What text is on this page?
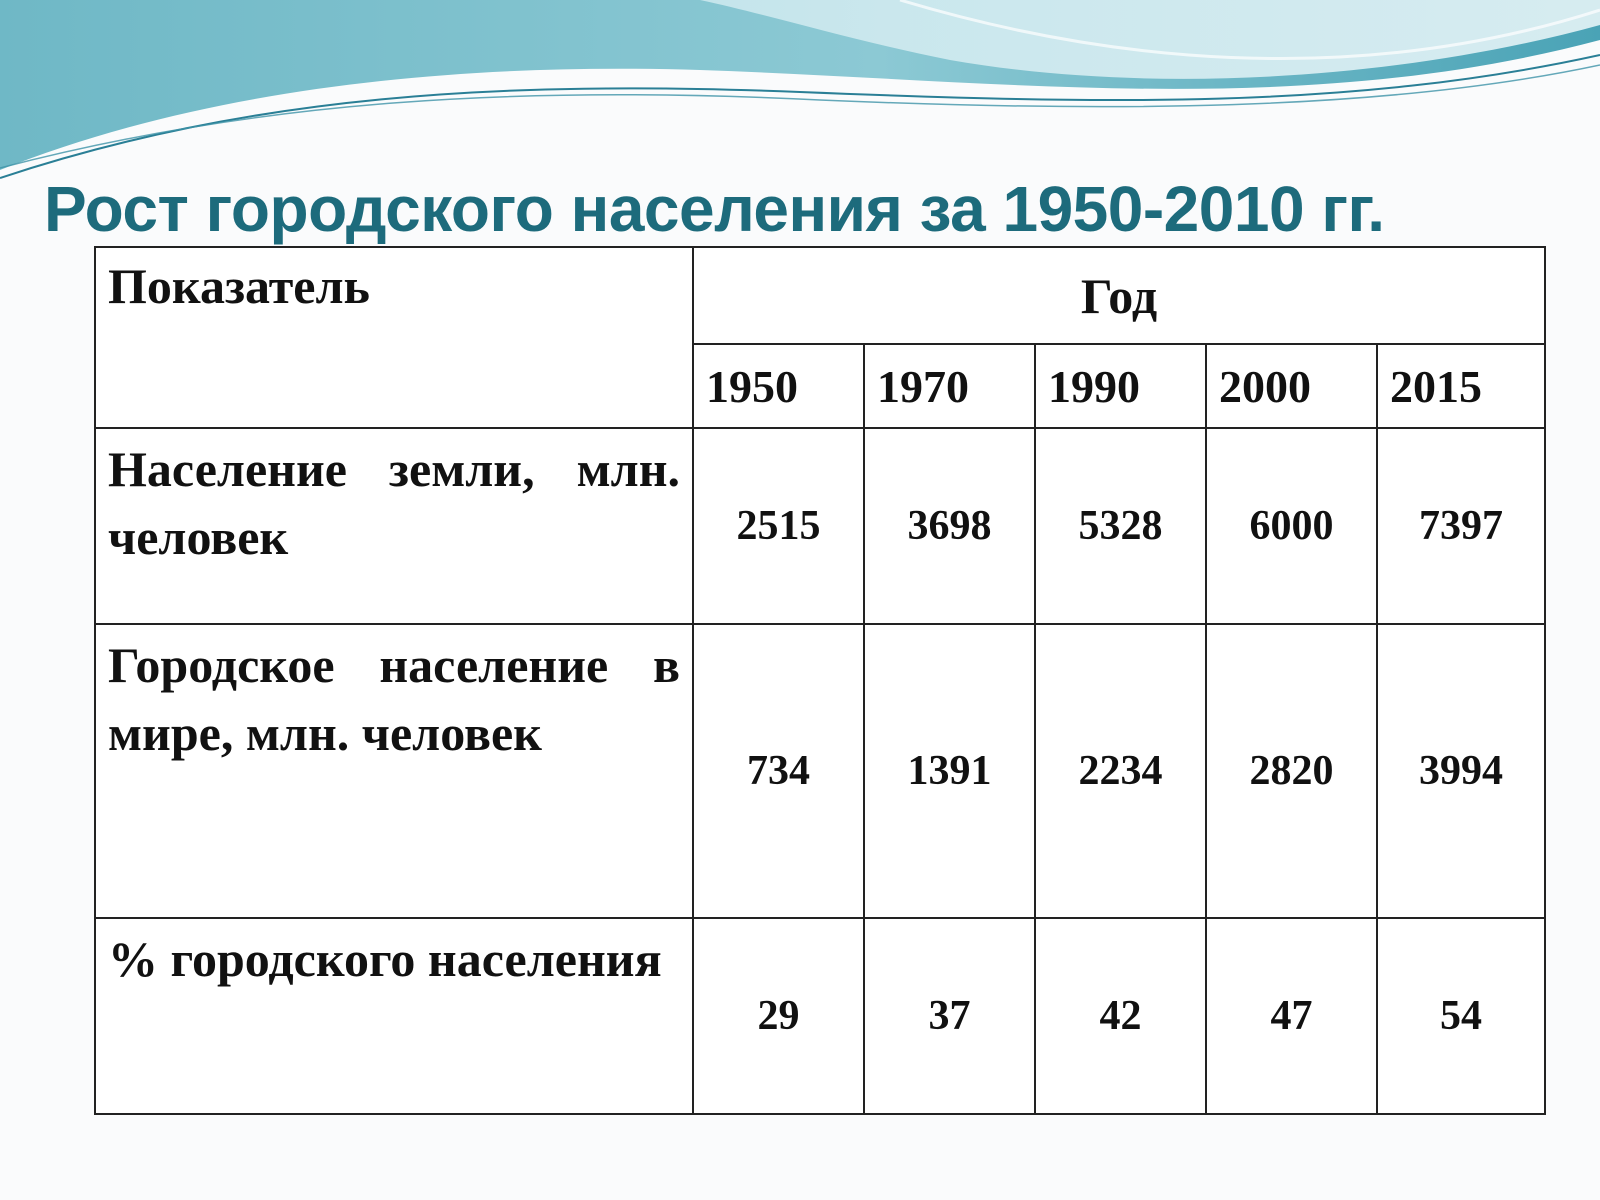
Рост городского населения за 1950-2010 гг.
Показатель	Год				
	1950	1970	1990	2000	2015
Население земли, млн. человек	2515	3698	5328	6000	7397
Городское население в мире, млн. человек	734	1391	2234	2820	3994
% городского населения	29	37	42	47	54
